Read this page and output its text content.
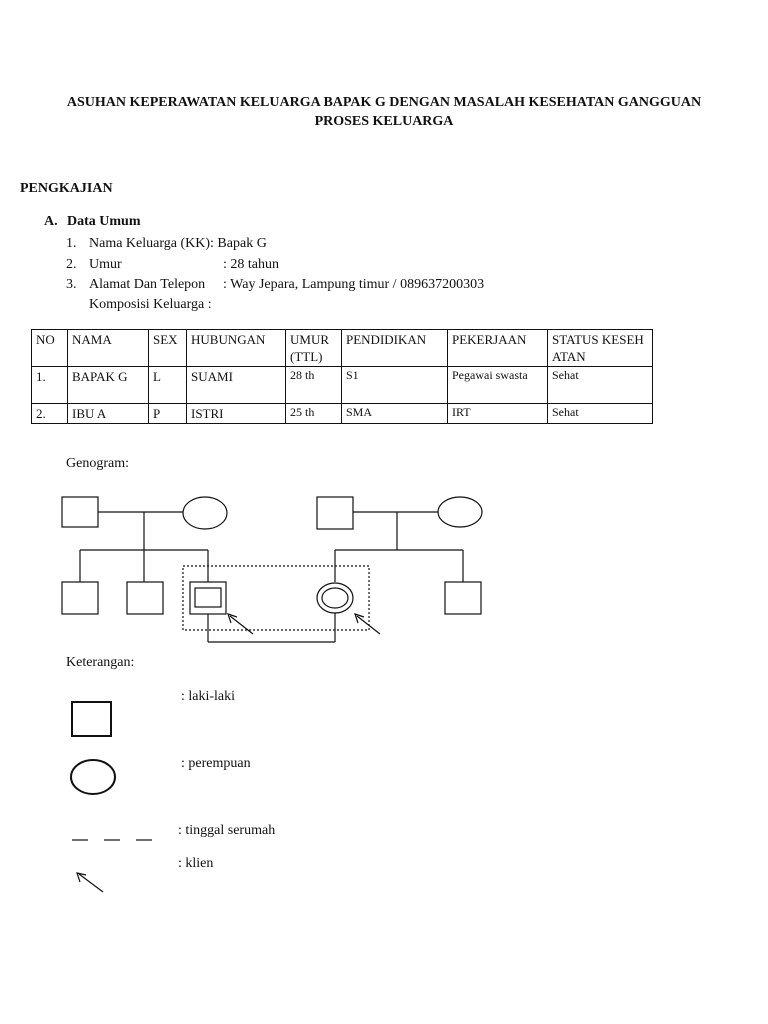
ASUHAN KEPERAWATAN KELUARGA BAPAK G DENGAN MASALAH KESEHATAN GANGGUAN
PROSES KELUARGA
PENGKAJIAN
A. Data Umum
1. Nama Keluarga (KK): Bapak G
2. Umur	: 28 tahun
3. Alamat Dan Telepon : Way Jepara, Lampung timur / 089637200303
Komposisi Keluarga :
NO	NAMA	SEX	HUBUNGAN	UMUR (TTL)	PENDIDIKAN	PEKERJAAN	STATUS KESEHATAN
1.	BAPAK G	L	SUAMI	28 th	S1	Pegawai swasta	Sehat
2.	IBU A	P	ISTRI	25 th	SMA	IRT	Sehat
Genogram:
Keterangan:
: laki-laki
: perempuan
: tinggal serumah
: klien
